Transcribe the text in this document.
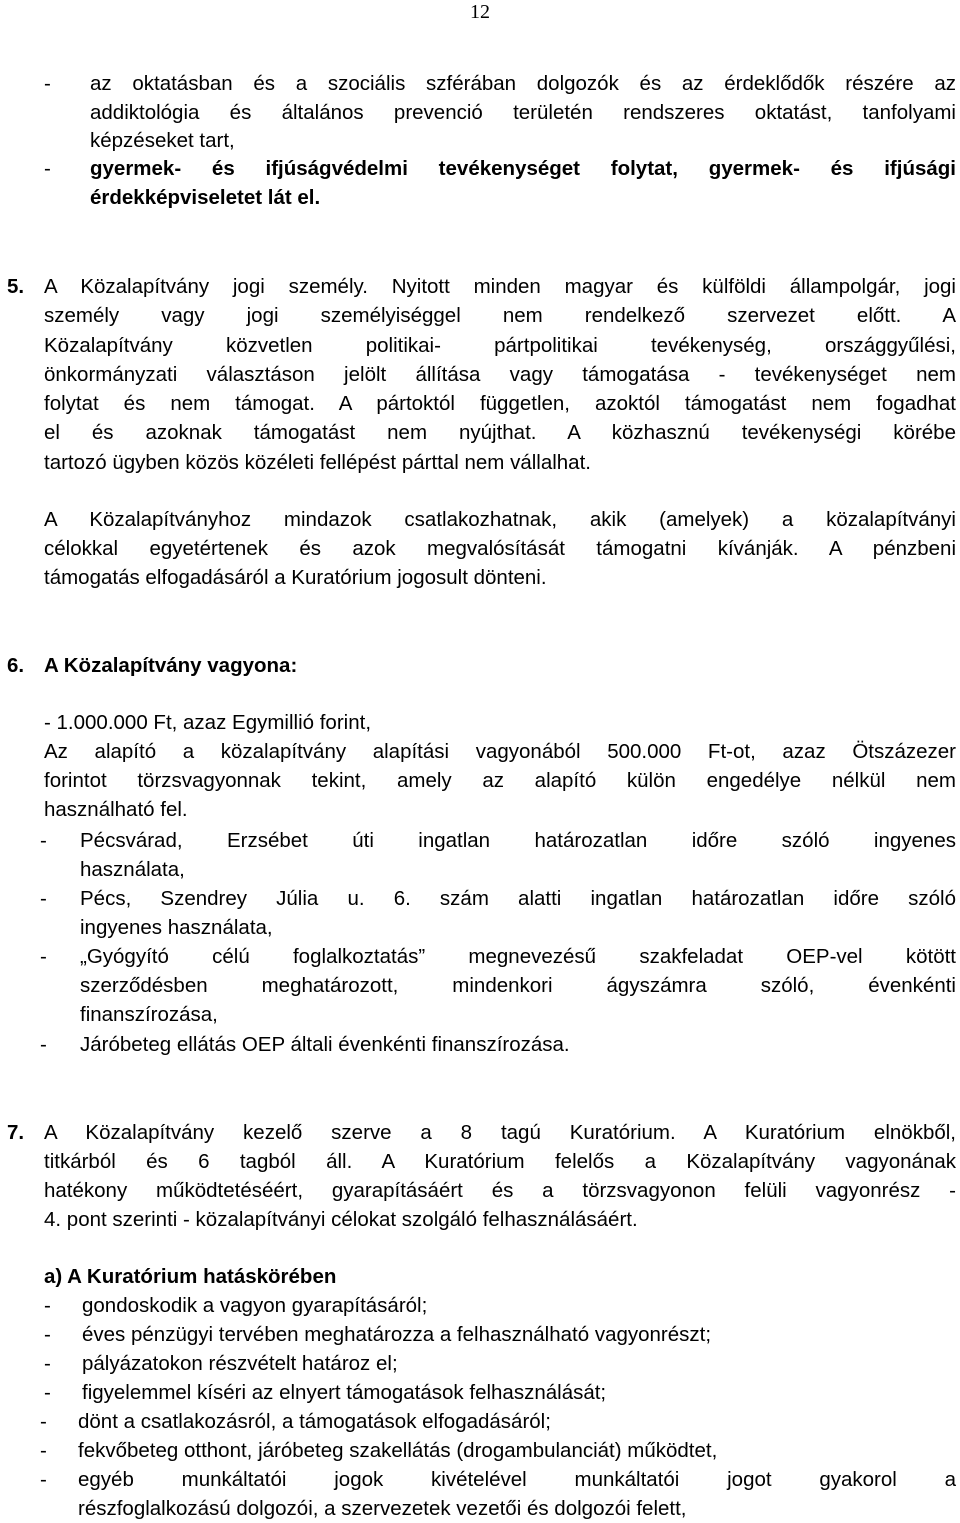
12
- az oktatásban és a szociális szférában dolgozók és az érdeklődők részére az
addiktológia és általános prevenció területén rendszeres oktatást, tanfolyami
képzéseket tart,
- gyermek- és ifjúságvédelmi tevékenységet folytat, gyermek- és ifjúsági
érdekképviseletet lát el.
5. A Közalapítvány jogi személy. Nyitott minden magyar és külföldi állampolgár, jogi
személy vagy jogi személyiséggel nem rendelkező szervezet előtt. A
Közalapítvány közvetlen politikai- pártpolitikai tevékenység, országgyűlési,
önkormányzati választáson jelölt állítása vagy támogatása - tevékenységet nem
folytat és nem támogat. A pártoktól független, azoktól támogatást nem fogadhat
el és azoknak támogatást nem nyújthat. A közhasznú tevékenységi körébe
tartozó ügyben közös közéleti fellépést párttal nem vállalhat.
A Közalapítványhoz mindazok csatlakozhatnak, akik (amelyek) a közalapítványi
célokkal egyetértenek és azok megvalósítását támogatni kívánják. A pénzbeni
támogatás elfogadásáról a Kuratórium jogosult dönteni.
6. A Közalapítvány vagyona:
- 1.000.000 Ft, azaz Egymillió forint,
Az alapító a közalapítvány alapítási vagyonából 500.000 Ft-ot, azaz Ötszázezer
forintot törzsvagyonnak tekint, amely az alapító külön engedélye nélkül nem
használható fel.
- Pécsvárad, Erzsébet úti ingatlan határozatlan időre szóló ingyenes
használata,
- Pécs, Szendrey Júlia u. 6. szám alatti ingatlan határozatlan időre szóló
ingyenes használata,
- „Gyógyító célú foglalkoztatás” megnevezésű szakfeladat OEP-vel kötött
szerződésben meghatározott, mindenkori ágyszámra szóló, évenkénti
finanszírozása,
- Járóbeteg ellátás OEP általi évenkénti finanszírozása.
7. A Közalapítvány kezelő szerve a 8 tagú Kuratórium. A Kuratórium elnökből,
titkárból és 6 tagból áll. A Kuratórium felelős a Közalapítvány vagyonának
hatékony működtetéséért, gyarapításáért és a törzsvagyonon felüli vagyonrész -
4. pont szerinti - közalapítványi célokat szolgáló felhasználásáért.
a) A Kuratórium hatáskörében
- gondoskodik a vagyon gyarapításáról;
- éves pénzügyi tervében meghatározza a felhasználható vagyonrészt;
- pályázatokon részvételt határoz el;
- figyelemmel kíséri az elnyert támogatások felhasználását;
- dönt a csatlakozásról, a támogatások elfogadásáról;
- fekvőbeteg otthont, járóbeteg szakellátás (drogambulanciát) működtet,
- egyéb munkáltatói jogok kivételével munkáltatói jogot gyakorol a
részfoglalkozású dolgozói, a szervezetek vezetői és dolgozói felett,
